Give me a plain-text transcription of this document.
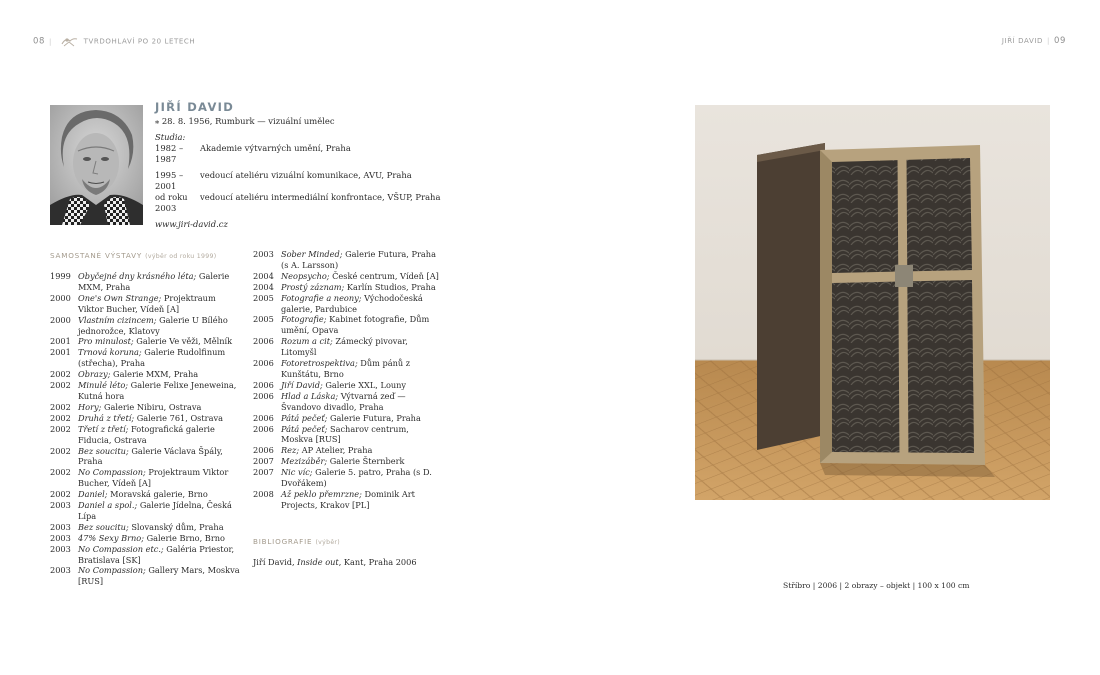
08 |	TVRDOHLAVÍ PO 20 LETECH	JIŘÍ DAVID | 09
JIŘÍ DAVID
⁎ 28. 8. 1956, Rumburk — vizuální umělec
Studia:
1982 – 1987
Akademie výtvarných umění, Praha
1995 – 2001
vedoucí ateliéru vizuální komunikace, AVU, Praha
od roku 2003
vedoucí ateliéru intermediální konfrontace, VŠUP, Praha
www.jiri-david.cz
SAMOSTANÉ VÝSTAVY (výběr od roku 1999)
1999 Obyčejné dny krásného léta; Galerie MXM, Praha
2000 One's Own Strange; Projektraum Viktor Bucher, Vídeň [A]
2000 Vlastním cizincem; Galerie U Bílého jednorožce, Klatovy
2001 Pro minulost; Galerie Ve věži, Mělník
2001 Trnová koruna; Galerie Rudolfinum (střecha), Praha
2002 Obrazy; Galerie MXM, Praha
2002 Minulé léto; Galerie Felixe Jeneweina, Kutná hora
2002 Hory; Galerie Nibiru, Ostrava
2002 Druhá z třetí; Galerie 761, Ostrava
2002 Třetí z třetí; Fotografická galerie Fiducia, Ostrava
2002 Bez soucitu; Galerie Václava Špály, Praha
2002 No Compassion; Projektraum Viktor Bucher, Vídeň [A]
2002 Daniel; Moravská galerie, Brno
2003 Daniel a spol.; Galerie Jídelna, Česká Lípa
2003 Bez soucitu; Slovanský dům, Praha
2003 47% Sexy Brno; Galerie Brno, Brno
2003 No Compassion etc.; Galéria Priestor, Bratislava [SK]
2003 No Compassion; Gallery Mars, Moskva [RUS]
2003 Sober Minded; Galerie Futura, Praha (s A. Larsson)
2004 Neopsycho; České centrum, Vídeň [A]
2004 Prostý záznam; Karlín Studios, Praha
2005 Fotografie a neony; Východočeská galerie, Pardubice
2005 Fotografie; Kabinet fotografie, Dům umění, Opava
2006 Rozum a cit; Zámecký pivovar, Litomyšl
2006 Fotoretrospektiva; Dům pánů z Kunštátu, Brno
2006 Jiří David; Galerie XXL, Louny
2006 Hlad a Láska; Výtvarná zeď — Švandovo divadlo, Praha
2006 Pátá pečeť; Galerie Futura, Praha
2006 Pátá pečeť; Sacharov centrum, Moskva [RUS]
2006 Rez; AP Atelier, Praha
2007 Mezizáběr; Galerie Šternberk
2007 Nic víc; Galerie 5. patro, Praha (s D. Dvořákem)
2008 Až peklo přemrzne; Dominik Art Projects, Krakov [PL]
BIBLIOGRAFIE (výběr)
Jiří David, Inside out, Kant, Praha 2006
Stříbro | 2006 | 2 obrazy – objekt | 100 x 100 cm
